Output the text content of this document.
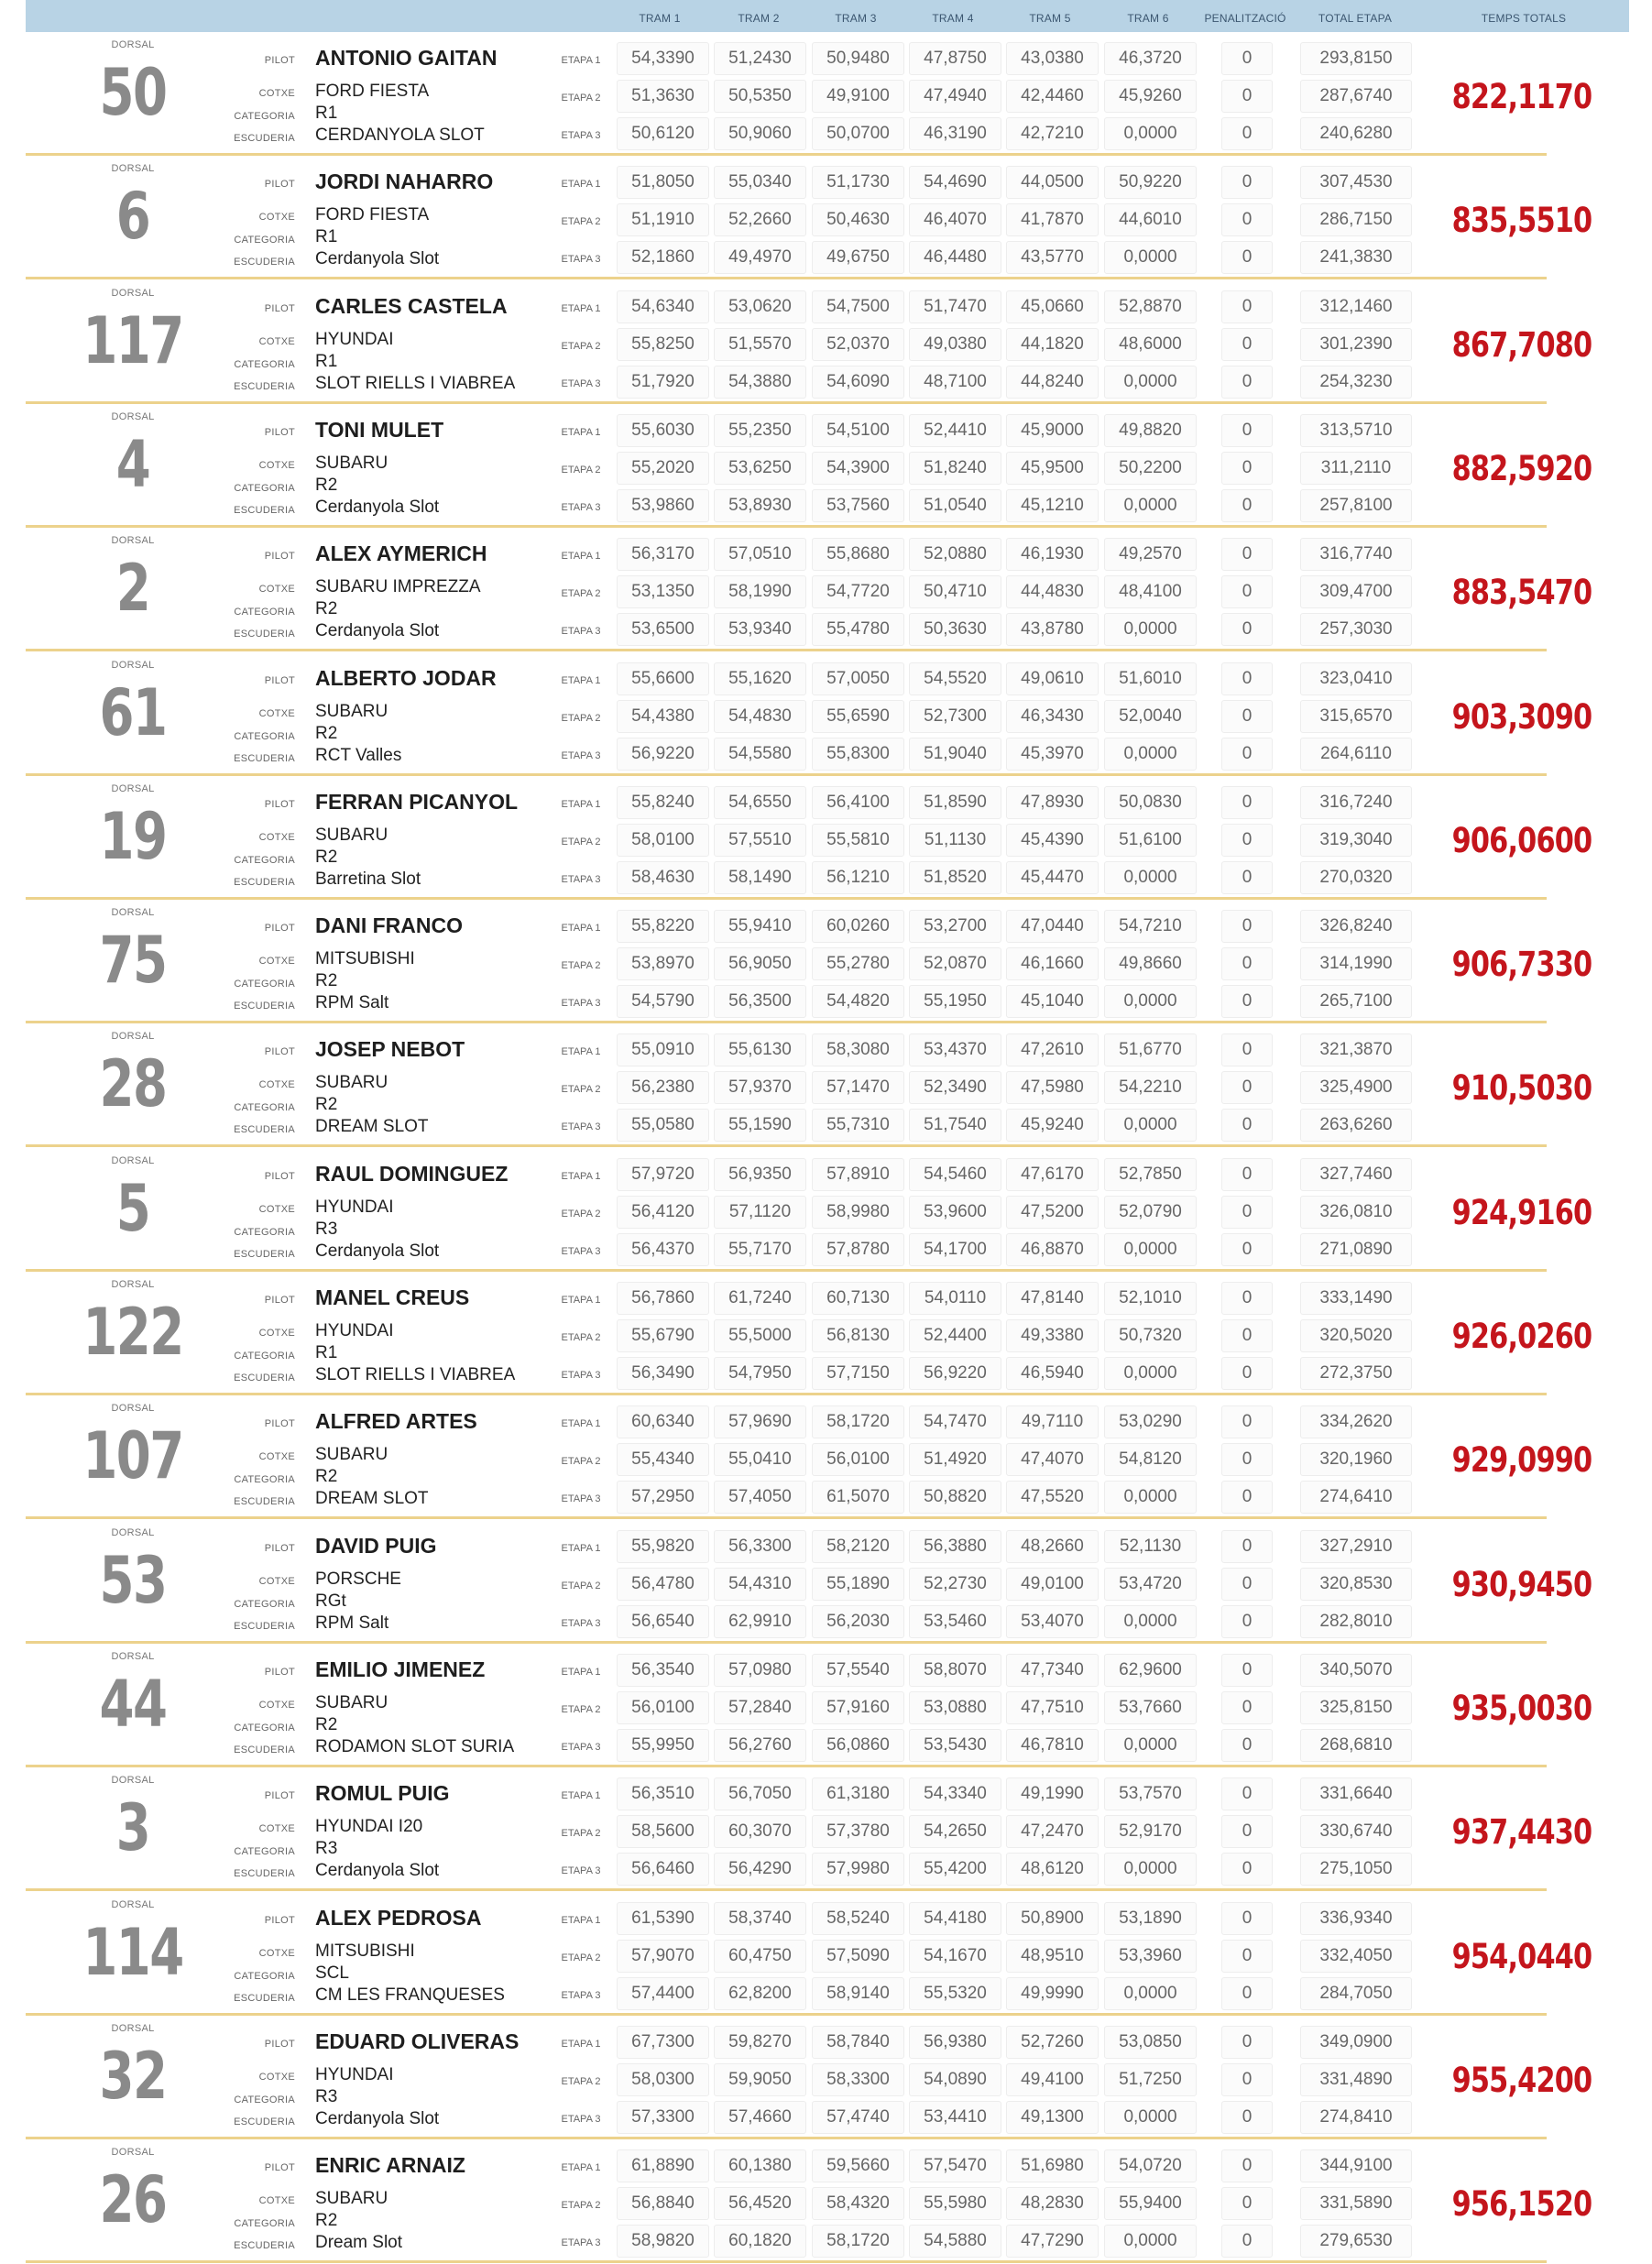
TRAM 1	TRAM 2	TRAM 3	TRAM 4	TRAM 5	TRAM 6	PENALITZACIÓ	TOTAL ETAPA	TEMPS TOTALS
DORSAL
50	PILOT ANTONIO GAITAN
COTXE FORD FIESTA
CATEGORIA R1
ESCUDERIA CERDANYOLA SLOT
ETAPA 1	54,3390	51,2430	50,9480	47,8750	43,0380	46,3720	0	293,8150
ETAPA 2	51,3630	50,5350	49,9100	47,4940	42,4460	45,9260	0	287,6740
ETAPA 3	50,6120	50,9060	50,0700	46,3190	42,7210	0,0000	0	240,6280
822,1170
DORSAL
6	PILOT JORDI NAHARRO
COTXE FORD FIESTA
CATEGORIA R1
ESCUDERIA Cerdanyola Slot
ETAPA 1	51,8050	55,0340	51,1730	54,4690	44,0500	50,9220	0	307,4530
ETAPA 2	51,1910	52,2660	50,4630	46,4070	41,7870	44,6010	0	286,7150
ETAPA 3	52,1860	49,4970	49,6750	46,4480	43,5770	0,0000	0	241,3830
835,5510
DORSAL
117	PILOT CARLES CASTELA
COTXE HYUNDAI
CATEGORIA R1
ESCUDERIA SLOT RIELLS I VIABREA
ETAPA 1	54,6340	53,0620	54,7500	51,7470	45,0660	52,8870	0	312,1460
ETAPA 2	55,8250	51,5570	52,0370	49,0380	44,1820	48,6000	0	301,2390
ETAPA 3	51,7920	54,3880	54,6090	48,7100	44,8240	0,0000	0	254,3230
867,7080
DORSAL
4	PILOT TONI MULET
COTXE SUBARU
CATEGORIA R2
ESCUDERIA Cerdanyola Slot
ETAPA 1	55,6030	55,2350	54,5100	52,4410	45,9000	49,8820	0	313,5710
ETAPA 2	55,2020	53,6250	54,3900	51,8240	45,9500	50,2200	0	311,2110
ETAPA 3	53,9860	53,8930	53,7560	51,0540	45,1210	0,0000	0	257,8100
882,5920
DORSAL
2	PILOT ALEX AYMERICH
COTXE SUBARU IMPREZZA
CATEGORIA R2
ESCUDERIA Cerdanyola Slot
ETAPA 1	56,3170	57,0510	55,8680	52,0880	46,1930	49,2570	0	316,7740
ETAPA 2	53,1350	58,1990	54,7720	50,4710	44,4830	48,4100	0	309,4700
ETAPA 3	53,6500	53,9340	55,4780	50,3630	43,8780	0,0000	0	257,3030
883,5470
DORSAL
61	PILOT ALBERTO JODAR
COTXE SUBARU
CATEGORIA R2
ESCUDERIA RCT Valles
ETAPA 1	55,6600	55,1620	57,0050	54,5520	49,0610	51,6010	0	323,0410
ETAPA 2	54,4380	54,4830	55,6590	52,7300	46,3430	52,0040	0	315,6570
ETAPA 3	56,9220	54,5580	55,8300	51,9040	45,3970	0,0000	0	264,6110
903,3090
DORSAL
19	PILOT FERRAN PICANYOL
COTXE SUBARU
CATEGORIA R2
ESCUDERIA Barretina Slot
ETAPA 1	55,8240	54,6550	56,4100	51,8590	47,8930	50,0830	0	316,7240
ETAPA 2	58,0100	57,5510	55,5810	51,1130	45,4390	51,6100	0	319,3040
ETAPA 3	58,4630	58,1490	56,1210	51,8520	45,4470	0,0000	0	270,0320
906,0600
DORSAL
75	PILOT DANI FRANCO
COTXE MITSUBISHI
CATEGORIA R2
ESCUDERIA RPM Salt
ETAPA 1	55,8220	55,9410	60,0260	53,2700	47,0440	54,7210	0	326,8240
ETAPA 2	53,8970	56,9050	55,2780	52,0870	46,1660	49,8660	0	314,1990
ETAPA 3	54,5790	56,3500	54,4820	55,1950	45,1040	0,0000	0	265,7100
906,7330
DORSAL
28	PILOT JOSEP NEBOT
COTXE SUBARU
CATEGORIA R2
ESCUDERIA DREAM SLOT
ETAPA 1	55,0910	55,6130	58,3080	53,4370	47,2610	51,6770	0	321,3870
ETAPA 2	56,2380	57,9370	57,1470	52,3490	47,5980	54,2210	0	325,4900
ETAPA 3	55,0580	55,1590	55,7310	51,7540	45,9240	0,0000	0	263,6260
910,5030
DORSAL
5	PILOT RAUL DOMINGUEZ
COTXE HYUNDAI
CATEGORIA R3
ESCUDERIA Cerdanyola Slot
ETAPA 1	57,9720	56,9350	57,8910	54,5460	47,6170	52,7850	0	327,7460
ETAPA 2	56,4120	57,1120	58,9980	53,9600	47,5200	52,0790	0	326,0810
ETAPA 3	56,4370	55,7170	57,8780	54,1700	46,8870	0,0000	0	271,0890
924,9160
DORSAL
122	PILOT MANEL CREUS
COTXE HYUNDAI
CATEGORIA R1
ESCUDERIA SLOT RIELLS I VIABREA
ETAPA 1	56,7860	61,7240	60,7130	54,0110	47,8140	52,1010	0	333,1490
ETAPA 2	55,6790	55,5000	56,8130	52,4400	49,3380	50,7320	0	320,5020
ETAPA 3	56,3490	54,7950	57,7150	56,9220	46,5940	0,0000	0	272,3750
926,0260
DORSAL
107	PILOT ALFRED ARTES
COTXE SUBARU
CATEGORIA R2
ESCUDERIA DREAM SLOT
ETAPA 1	60,6340	57,9690	58,1720	54,7470	49,7110	53,0290	0	334,2620
ETAPA 2	55,4340	55,0410	56,0100	51,4920	47,4070	54,8120	0	320,1960
ETAPA 3	57,2950	57,4050	61,5070	50,8820	47,5520	0,0000	0	274,6410
929,0990
DORSAL
53	PILOT DAVID PUIG
COTXE PORSCHE
CATEGORIA RGt
ESCUDERIA RPM Salt
ETAPA 1	55,9820	56,3300	58,2120	56,3880	48,2660	52,1130	0	327,2910
ETAPA 2	56,4780	54,4310	55,1890	52,2730	49,0100	53,4720	0	320,8530
ETAPA 3	56,6540	62,9910	56,2030	53,5460	53,4070	0,0000	0	282,8010
930,9450
DORSAL
44	PILOT EMILIO JIMENEZ
COTXE SUBARU
CATEGORIA R2
ESCUDERIA RODAMON SLOT SURIA
ETAPA 1	56,3540	57,0980	57,5540	58,8070	47,7340	62,9600	0	340,5070
ETAPA 2	56,0100	57,2840	57,9160	53,0880	47,7510	53,7660	0	325,8150
ETAPA 3	55,9950	56,2760	56,0860	53,5430	46,7810	0,0000	0	268,6810
935,0030
DORSAL
3	PILOT ROMUL PUIG
COTXE HYUNDAI I20
CATEGORIA R3
ESCUDERIA Cerdanyola Slot
ETAPA 1	56,3510	56,7050	61,3180	54,3340	49,1990	53,7570	0	331,6640
ETAPA 2	58,5600	60,3070	57,3780	54,2650	47,2470	52,9170	0	330,6740
ETAPA 3	56,6460	56,4290	57,9980	55,4200	48,6120	0,0000	0	275,1050
937,4430
DORSAL
114	PILOT ALEX PEDROSA
COTXE MITSUBISHI
CATEGORIA SCL
ESCUDERIA CM LES FRANQUESES
ETAPA 1	61,5390	58,3740	58,5240	54,4180	50,8900	53,1890	0	336,9340
ETAPA 2	57,9070	60,4750	57,5090	54,1670	48,9510	53,3960	0	332,4050
ETAPA 3	57,4400	62,8200	58,9140	55,5320	49,9990	0,0000	0	284,7050
954,0440
DORSAL
32	PILOT EDUARD OLIVERAS
COTXE HYUNDAI
CATEGORIA R3
ESCUDERIA Cerdanyola Slot
ETAPA 1	67,7300	59,8270	58,7840	56,9380	52,7260	53,0850	0	349,0900
ETAPA 2	58,0300	59,9050	58,3300	54,0890	49,4100	51,7250	0	331,4890
ETAPA 3	57,3300	57,4660	57,4740	53,4410	49,1300	0,0000	0	274,8410
955,4200
DORSAL
26	PILOT ENRIC ARNAIZ
COTXE SUBARU
CATEGORIA R2
ESCUDERIA Dream Slot
ETAPA 1	61,8890	60,1380	59,5660	57,5470	51,6980	54,0720	0	344,9100
ETAPA 2	56,8840	56,4520	58,4320	55,5980	48,2830	55,9400	0	331,5890
ETAPA 3	58,9820	60,1820	58,1720	54,5880	47,7290	0,0000	0	279,6530
956,1520
